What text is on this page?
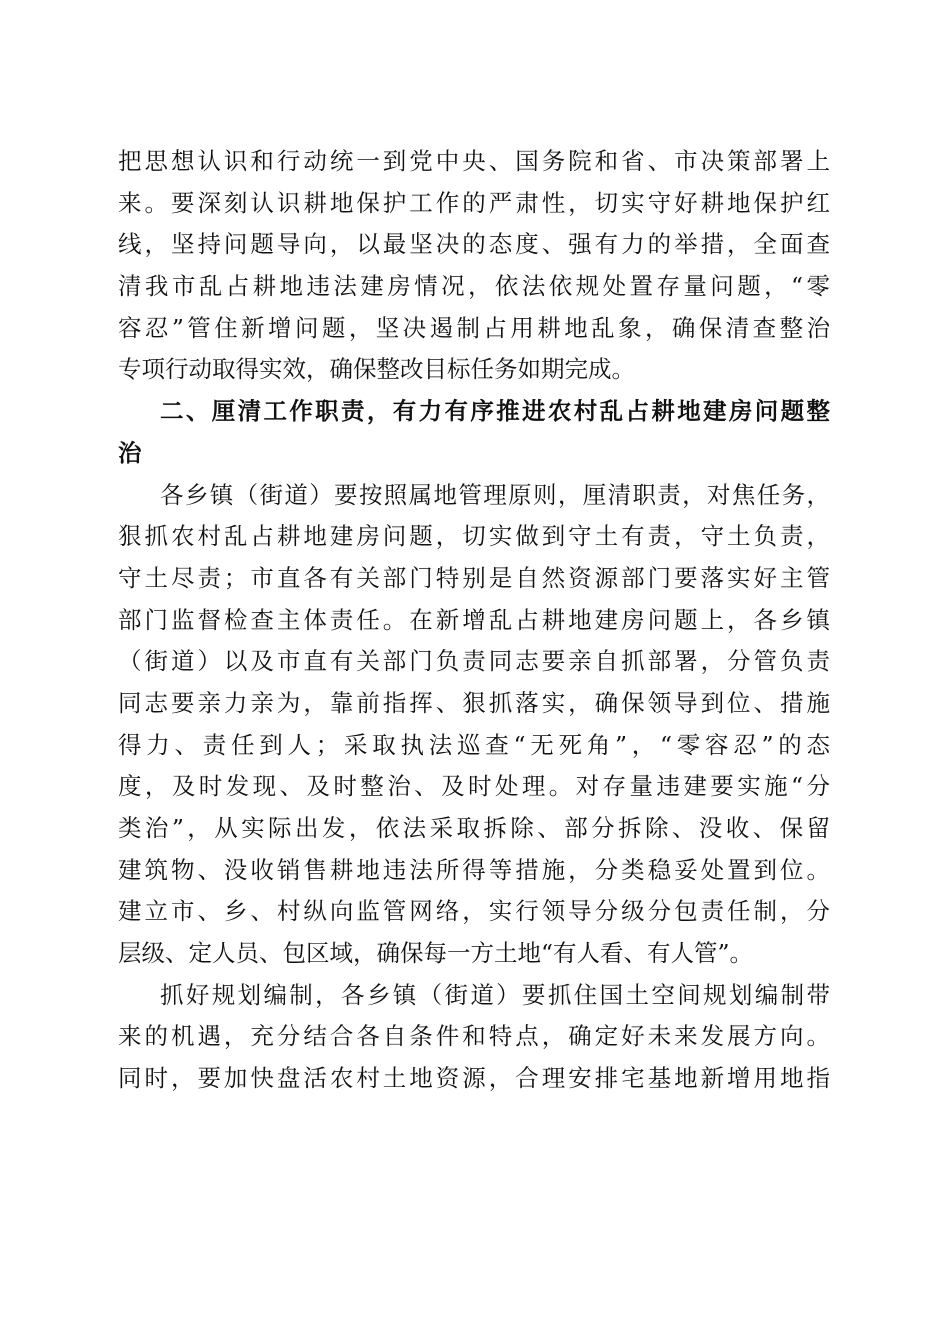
把思想认识和行动统一到党中央、国务院和省、市决策部署上
来。要深刻认识耕地保护工作的严肃性，切实守好耕地保护红
线，坚持问题导向，以最坚决的态度、强有力的举措，全面查
清我市乱占耕地违法建房情况，依法依规处置存量问题，“零
容忍”管住新增问题，坚决遏制占用耕地乱象，确保清查整治
专项行动取得实效，确保整改目标任务如期完成。
二、厘清工作职责，有力有序推进农村乱占耕地建房问题整
治
各乡镇（街道）要按照属地管理原则，厘清职责，对焦任务，
狠抓农村乱占耕地建房问题，切实做到守土有责，守土负责，
守土尽责；市直各有关部门特别是自然资源部门要落实好主管
部门监督检查主体责任。在新增乱占耕地建房问题上，各乡镇
（街道）以及市直有关部门负责同志要亲自抓部署，分管负责
同志要亲力亲为，靠前指挥、狠抓落实，确保领导到位、措施
得力、责任到人；采取执法巡查“无死角”，“零容忍”的态
度，及时发现、及时整治、及时处理。对存量违建要实施“分
类治”，从实际出发，依法采取拆除、部分拆除、没收、保留
建筑物、没收销售耕地违法所得等措施，分类稳妥处置到位。
建立市、乡、村纵向监管网络，实行领导分级分包责任制，分
层级、定人员、包区域，确保每一方土地“有人看、有人管”。
抓好规划编制，各乡镇（街道）要抓住国土空间规划编制带
来的机遇，充分结合各自条件和特点，确定好未来发展方向。
同时，要加快盘活农村土地资源，合理安排宅基地新增用地指
